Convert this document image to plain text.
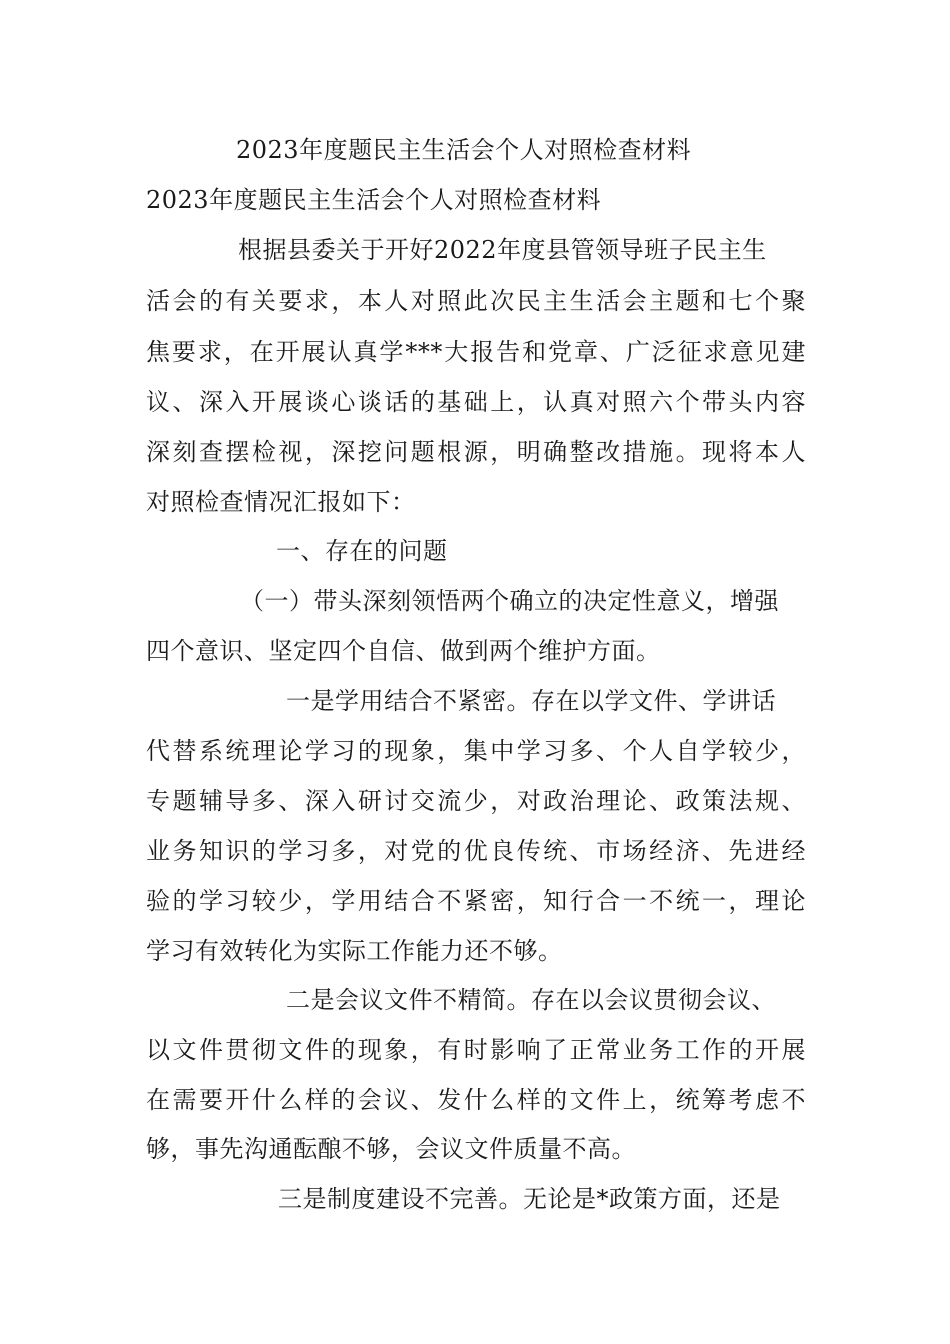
2023年度题民主生活会个人对照检查材料
2023年度题民主生活会个人对照检查材料
根据县委关于开好2022年度县管领导班子民主生
活会的有关要求，本人对照此次民主生活会主题和七个聚
焦要求，在开展认真学***大报告和党章、广泛征求意见建
议、深入开展谈心谈话的基础上，认真对照六个带头内容
深刻查摆检视，深挖问题根源，明确整改措施。现将本人
对照检查情况汇报如下：
一、存在的问题
（一）带头深刻领悟两个确立的决定性意义，增强
四个意识、坚定四个自信、做到两个维护方面。
一是学用结合不紧密。存在以学文件、学讲话
代替系统理论学习的现象，集中学习多、个人自学较少，
专题辅导多、深入研讨交流少，对政治理论、政策法规、
业务知识的学习多，对党的优良传统、市场经济、先进经
验的学习较少，学用结合不紧密，知行合一不统一，理论
学习有效转化为实际工作能力还不够。
二是会议文件不精简。存在以会议贯彻会议、
以文件贯彻文件的现象，有时影响了正常业务工作的开展
在需要开什么样的会议、发什么样的文件上，统筹考虑不
够，事先沟通酝酿不够，会议文件质量不高。
三是制度建设不完善。无论是*政策方面，还是
